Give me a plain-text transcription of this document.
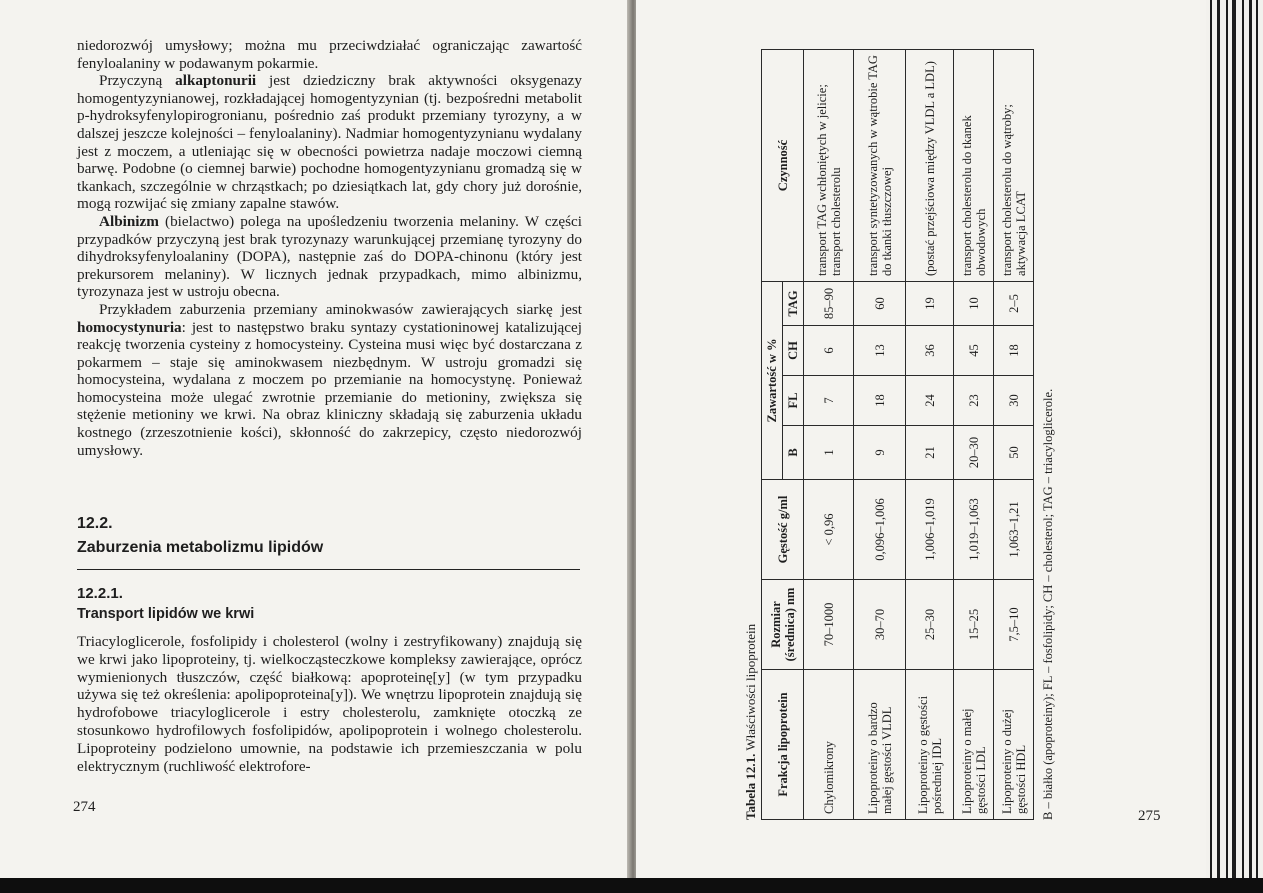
niedorozwój umysłowy; można mu przeciwdziałać ograniczając zawartość fenyloalaniny w podawanym pokarmie.

Przyczyną alkaptonurii jest dziedziczny brak aktywności oksygenazy homogentyzynianowej, rozkładającej homogentyzynian (tj. bezpośredni metabolit p-hydroksyfenylopirogronianu, pośrednio zaś produkt przemiany tyrozyny, a w dalszej jeszcze kolejności – fenyloalaniny). Nadmiar homogentyzynianu wydalany jest z moczem, a utleniając się w obecności powietrza nadaje moczowi ciemną barwę. Podobne (o ciemnej barwie) pochodne homogentyzynianu gromadzą się w tkankach, szczególnie w chrząstkach; po dziesiątkach lat, gdy chory już dorośnie, mogą rozwijać się zmiany zapalne stawów.

Albinizm (bielactwo) polega na upośledzeniu tworzenia melaniny. W części przypadków przyczyną jest brak tyrozynazy warunkującej przemianę tyrozyny do dihydroksyfenyloalaniny (DOPA), następnie zaś do DOPA-chinonu (który jest prekursorem melaniny). W licznych jednak przypadkach, mimo albinizmu, tyrozynaza jest w ustroju obecna.

Przykładem zaburzenia przemiany aminokwasów zawierających siarkę jest homocystynuria: jest to następstwo braku syntazy cystationinowej katalizującej reakcję tworzenia cysteiny z homocysteiny. Cysteina musi więc być dostarczana z pokarmem – staje się aminokwasem niezbędnym. W ustroju gromadzi się homocysteina, wydalana z moczem po przemianie na homocystynę. Ponieważ homocysteina może ulegać zwrotnie przemianie do metioniny, zwiększa się stężenie metioniny we krwi. Na obraz kliniczny składają się zaburzenia układu kostnego (zrzeszotnienie kości), skłonność do zakrzepicy, często niedorozwój umysłowy.

12.2.
Zaburzenia metabolizmu lipidów
12.2.1.
Transport lipidów we krwi

Triacyloglicerole, fosfolipidy i cholesterol (wolny i zestryfikowany) znajdują się we krwi jako lipoproteiny, tj. wielkocząsteczkowe kompleksy zawierające, oprócz wymienionych tłuszczów, część białkową: apoproteinę[y] (w tym przypadku używa się też określenia: apolipoproteina[y]). We wnętrzu lipoprotein znajdują się hydrofobowe triacyloglicerole i estry cholesterolu, zamknięte otoczką ze stosunkowo hydrofilowych fosfolipidów, apolipoprotein i wolnego cholesterolu. Lipoproteiny podzielono umownie, na podstawie ich przemieszczania w polu elektrycznym (ruchliwość elektrofore-

274	Tabela 12.1. Właściwości lipoprotein Frakcja lipoprotein	Rozmiar (średnica) nm	Gęstość g/ml	Zawartość w %				Czynność
			B	FL	CH	TAG	
Chylomikrony	70–1000	< 0,96	1	7	6	85–90	transport TAG wchłoniętych w jelicie; transport cholesterolu
Lipoproteiny o bardzo małej gęstości VLDL	30–70	0,096–1,006	9	18	13	60	transport syntetyzowanych w wątrobie TAG do tkanki tłuszczowej
Lipoproteiny o gęstości pośredniej IDL	25–30	1,006–1,019	21	24	36	19	(postać przejściowa między VLDL a LDL)
Lipoproteiny o małej gęstości LDL	15–25	1,019–1,063	20–30	23	45	10	transport cholesterolu do tkanek obwodowych
Lipoproteiny o dużej gęstości HDL	7,5–10	1,063–1,21	50	30	18	2–5	transport cholesterolu do wątroby; aktywacja LCAT
B – białko (apoproteiny); FL – fosfolipidy; CH – cholesterol; TAG – triacyloglicerole.	275
